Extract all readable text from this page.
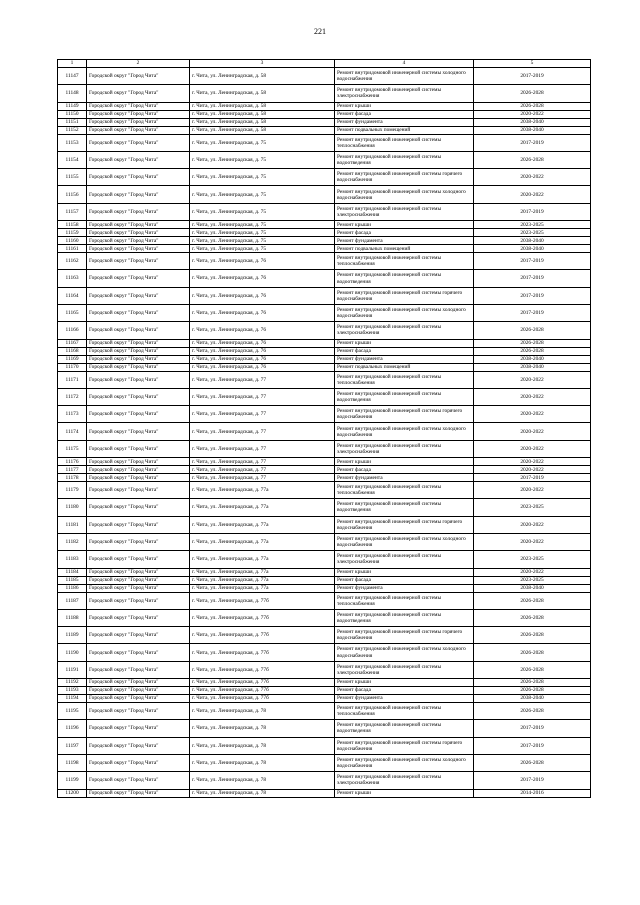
221
1	2	3	4	5
11147	Городской округ "Город Чита"	г. Чита, ул. Ленинградская, д. 58	Ремонт внутридомовой инженерной системы холодного водоснабжения	2017-2019
11148	Городской округ "Город Чита"	г. Чита, ул. Ленинградская, д. 58	Ремонт внутридомовой инженерной системы электроснабжения	2026-2028
11149	Городской округ "Город Чита"	г. Чита, ул. Ленинградская, д. 58	Ремонт крыши	2026-2028
11150	Городской округ "Город Чита"	г. Чита, ул. Ленинградская, д. 58	Ремонт фасада	2020-2022
11151	Городской округ "Город Чита"	г. Чита, ул. Ленинградская, д. 58	Ремонт фундамента	2038-2040
11152	Городской округ "Город Чита"	г. Чита, ул. Ленинградская, д. 58	Ремонт подвальных помещений	2038-2040
11153	Городской округ "Город Чита"	г. Чита, ул. Ленинградская, д. 75	Ремонт внутридомовой инженерной системы теплоснабжения	2017-2019
11154	Городской округ "Город Чита"	г. Чита, ул. Ленинградская, д. 75	Ремонт внутридомовой инженерной системы водоотведения	2026-2028
11155	Городской округ "Город Чита"	г. Чита, ул. Ленинградская, д. 75	Ремонт внутридомовой инженерной системы горячего водоснабжения	2020-2022
11156	Городской округ "Город Чита"	г. Чита, ул. Ленинградская, д. 75	Ремонт внутридомовой инженерной системы холодного водоснабжения	2020-2022
11157	Городской округ "Город Чита"	г. Чита, ул. Ленинградская, д. 75	Ремонт внутридомовой инженерной системы электроснабжения	2017-2019
11158	Городской округ "Город Чита"	г. Чита, ул. Ленинградская, д. 75	Ремонт крыши	2023-2025
11159	Городской округ "Город Чита"	г. Чита, ул. Ленинградская, д. 75	Ремонт фасада	2023-2025
11160	Городской округ "Город Чита"	г. Чита, ул. Ленинградская, д. 75	Ремонт фундамента	2038-2040
11161	Городской округ "Город Чита"	г. Чита, ул. Ленинградская, д. 75	Ремонт подвальных помещений	2038-2040
11162	Городской округ "Город Чита"	г. Чита, ул. Ленинградская, д. 76	Ремонт внутридомовой инженерной системы теплоснабжения	2017-2019
11163	Городской округ "Город Чита"	г. Чита, ул. Ленинградская, д. 76	Ремонт внутридомовой инженерной системы водоотведения	2017-2019
11164	Городской округ "Город Чита"	г. Чита, ул. Ленинградская, д. 76	Ремонт внутридомовой инженерной системы горячего водоснабжения	2017-2019
11165	Городской округ "Город Чита"	г. Чита, ул. Ленинградская, д. 76	Ремонт внутридомовой инженерной системы холодного водоснабжения	2017-2019
11166	Городской округ "Город Чита"	г. Чита, ул. Ленинградская, д. 76	Ремонт внутридомовой инженерной системы электроснабжения	2026-2028
11167	Городской округ "Город Чита"	г. Чита, ул. Ленинградская, д. 76	Ремонт крыши	2026-2028
11168	Городской округ "Город Чита"	г. Чита, ул. Ленинградская, д. 76	Ремонт фасада	2026-2028
11169	Городской округ "Город Чита"	г. Чита, ул. Ленинградская, д. 76	Ремонт фундамента	2038-2040
11170	Городской округ "Город Чита"	г. Чита, ул. Ленинградская, д. 76	Ремонт подвальных помещений	2038-2040
11171	Городской округ "Город Чита"	г. Чита, ул. Ленинградская, д. 77	Ремонт внутридомовой инженерной системы теплоснабжения	2020-2022
11172	Городской округ "Город Чита"	г. Чита, ул. Ленинградская, д. 77	Ремонт внутридомовой инженерной системы водоотведения	2020-2022
11173	Городской округ "Город Чита"	г. Чита, ул. Ленинградская, д. 77	Ремонт внутридомовой инженерной системы горячего водоснабжения	2020-2022
11174	Городской округ "Город Чита"	г. Чита, ул. Ленинградская, д. 77	Ремонт внутридомовой инженерной системы холодного водоснабжения	2020-2022
11175	Городской округ "Город Чита"	г. Чита, ул. Ленинградская, д. 77	Ремонт внутридомовой инженерной системы электроснабжения	2020-2022
11176	Городской округ "Город Чита"	г. Чита, ул. Ленинградская, д. 77	Ремонт крыши	2020-2022
11177	Городской округ "Город Чита"	г. Чита, ул. Ленинградская, д. 77	Ремонт фасада	2020-2022
11178	Городской округ "Город Чита"	г. Чита, ул. Ленинградская, д. 77	Ремонт фундамента	2017-2019
11179	Городской округ "Город Чита"	г. Чита, ул. Ленинградская, д. 77а	Ремонт внутридомовой инженерной системы теплоснабжения	2020-2022
11180	Городской округ "Город Чита"	г. Чита, ул. Ленинградская, д. 77а	Ремонт внутридомовой инженерной системы водоотведения	2023-2025
11181	Городской округ "Город Чита"	г. Чита, ул. Ленинградская, д. 77а	Ремонт внутридомовой инженерной системы горячего водоснабжения	2020-2022
11182	Городской округ "Город Чита"	г. Чита, ул. Ленинградская, д. 77а	Ремонт внутридомовой инженерной системы холодного водоснабжения	2020-2022
11183	Городской округ "Город Чита"	г. Чита, ул. Ленинградская, д. 77а	Ремонт внутридомовой инженерной системы электроснабжения	2023-2025
11184	Городской округ "Город Чита"	г. Чита, ул. Ленинградская, д. 77а	Ремонт крыши	2020-2022
11185	Городской округ "Город Чита"	г. Чита, ул. Ленинградская, д. 77а	Ремонт фасада	2023-2025
11186	Городской округ "Город Чита"	г. Чита, ул. Ленинградская, д. 77а	Ремонт фундамента	2038-2040
11187	Городской округ "Город Чита"	г. Чита, ул. Ленинградская, д. 77б	Ремонт внутридомовой инженерной системы теплоснабжения	2026-2028
11188	Городской округ "Город Чита"	г. Чита, ул. Ленинградская, д. 77б	Ремонт внутридомовой инженерной системы водоотведения	2026-2028
11189	Городской округ "Город Чита"	г. Чита, ул. Ленинградская, д. 77б	Ремонт внутридомовой инженерной системы горячего водоснабжения	2026-2028
11190	Городской округ "Город Чита"	г. Чита, ул. Ленинградская, д. 77б	Ремонт внутридомовой инженерной системы холодного водоснабжения	2026-2028
11191	Городской округ "Город Чита"	г. Чита, ул. Ленинградская, д. 77б	Ремонт внутридомовой инженерной системы электроснабжения	2026-2028
11192	Городской округ "Город Чита"	г. Чита, ул. Ленинградская, д. 77б	Ремонт крыши	2026-2028
11193	Городской округ "Город Чита"	г. Чита, ул. Ленинградская, д. 77б	Ремонт фасада	2026-2028
11194	Городской округ "Город Чита"	г. Чита, ул. Ленинградская, д. 77б	Ремонт фундамента	2038-2040
11195	Городской округ "Город Чита"	г. Чита, ул. Ленинградская, д. 78	Ремонт внутридомовой инженерной системы теплоснабжения	2026-2028
11196	Городской округ "Город Чита"	г. Чита, ул. Ленинградская, д. 78	Ремонт внутридомовой инженерной системы водоотведения	2017-2019
11197	Городской округ "Город Чита"	г. Чита, ул. Ленинградская, д. 78	Ремонт внутридомовой инженерной системы горячего водоснабжения	2017-2019
11198	Городской округ "Город Чита"	г. Чита, ул. Ленинградская, д. 78	Ремонт внутридомовой инженерной системы холодного водоснабжения	2026-2028
11199	Городской округ "Город Чита"	г. Чита, ул. Ленинградская, д. 78	Ремонт внутридомовой инженерной системы электроснабжения	2017-2019
11200	Городской округ "Город Чита"	г. Чита, ул. Ленинградская, д. 78	Ремонт крыши	2014-2016
